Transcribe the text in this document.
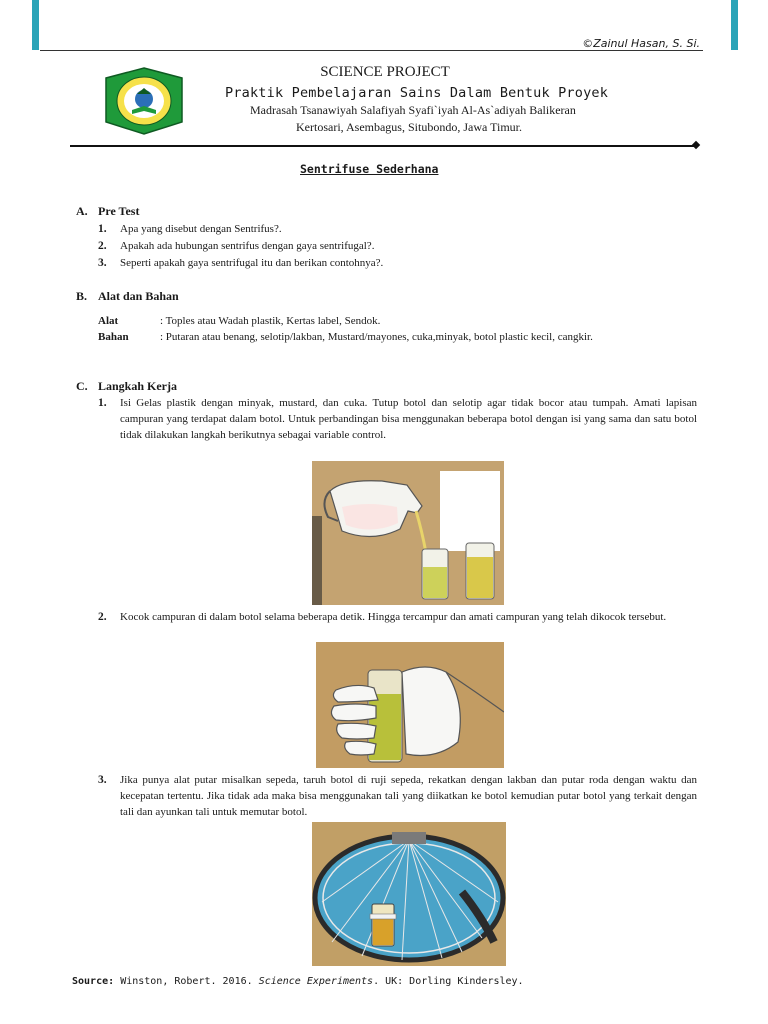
©Zainul Hasan, S. Si.
SCIENCE PROJECT
Praktik Pembelajaran Sains Dalam Bentuk Proyek
Madrasah Tsanawiyah Salafiyah Syafi`iyah Al-As`adiyah Balikeran
Kertosari, Asembagus, Situbondo, Jawa Timur.
Sentrifuse Sederhana
A. Pre Test
1. Apa yang disebut dengan Sentrifus?.
2. Apakah ada hubungan sentrifus dengan gaya sentrifugal?.
3. Seperti apakah gaya sentrifugal itu dan berikan contohnya?.
B. Alat dan Bahan
Alat	: Toples atau Wadah plastik, Kertas label, Sendok.
Bahan	: Putaran atau benang, selotip/lakban, Mustard/mayones, cuka,minyak, botol plastic kecil, cangkir.
C. Langkah Kerja
1. Isi Gelas plastik dengan minyak, mustard, dan cuka. Tutup botol dan selotip agar tidak bocor atau tumpah. Amati lapisan campuran yang terdapat dalam botol. Untuk perbandingan bisa menggunakan beberapa botol dengan isi yang sama dan satu botol tidak dilakukan langkah berikutnya sebagai variable control.
2. Kocok campuran di dalam botol selama beberapa detik. Hingga tercampur dan amati campuran yang telah dikocok tersebut.
3. Jika punya alat putar misalkan sepeda, taruh botol di ruji sepeda, rekatkan dengan lakban dan putar roda dengan waktu dan kecepatan tertentu. Jika tidak ada maka bisa menggunakan tali yang diikatkan ke botol kemudian putar botol yang terkait dengan tali dan ayunkan tali untuk memutar botol.
Source: Winston, Robert. 2016. Science Experiments. UK: Dorling Kindersley.
